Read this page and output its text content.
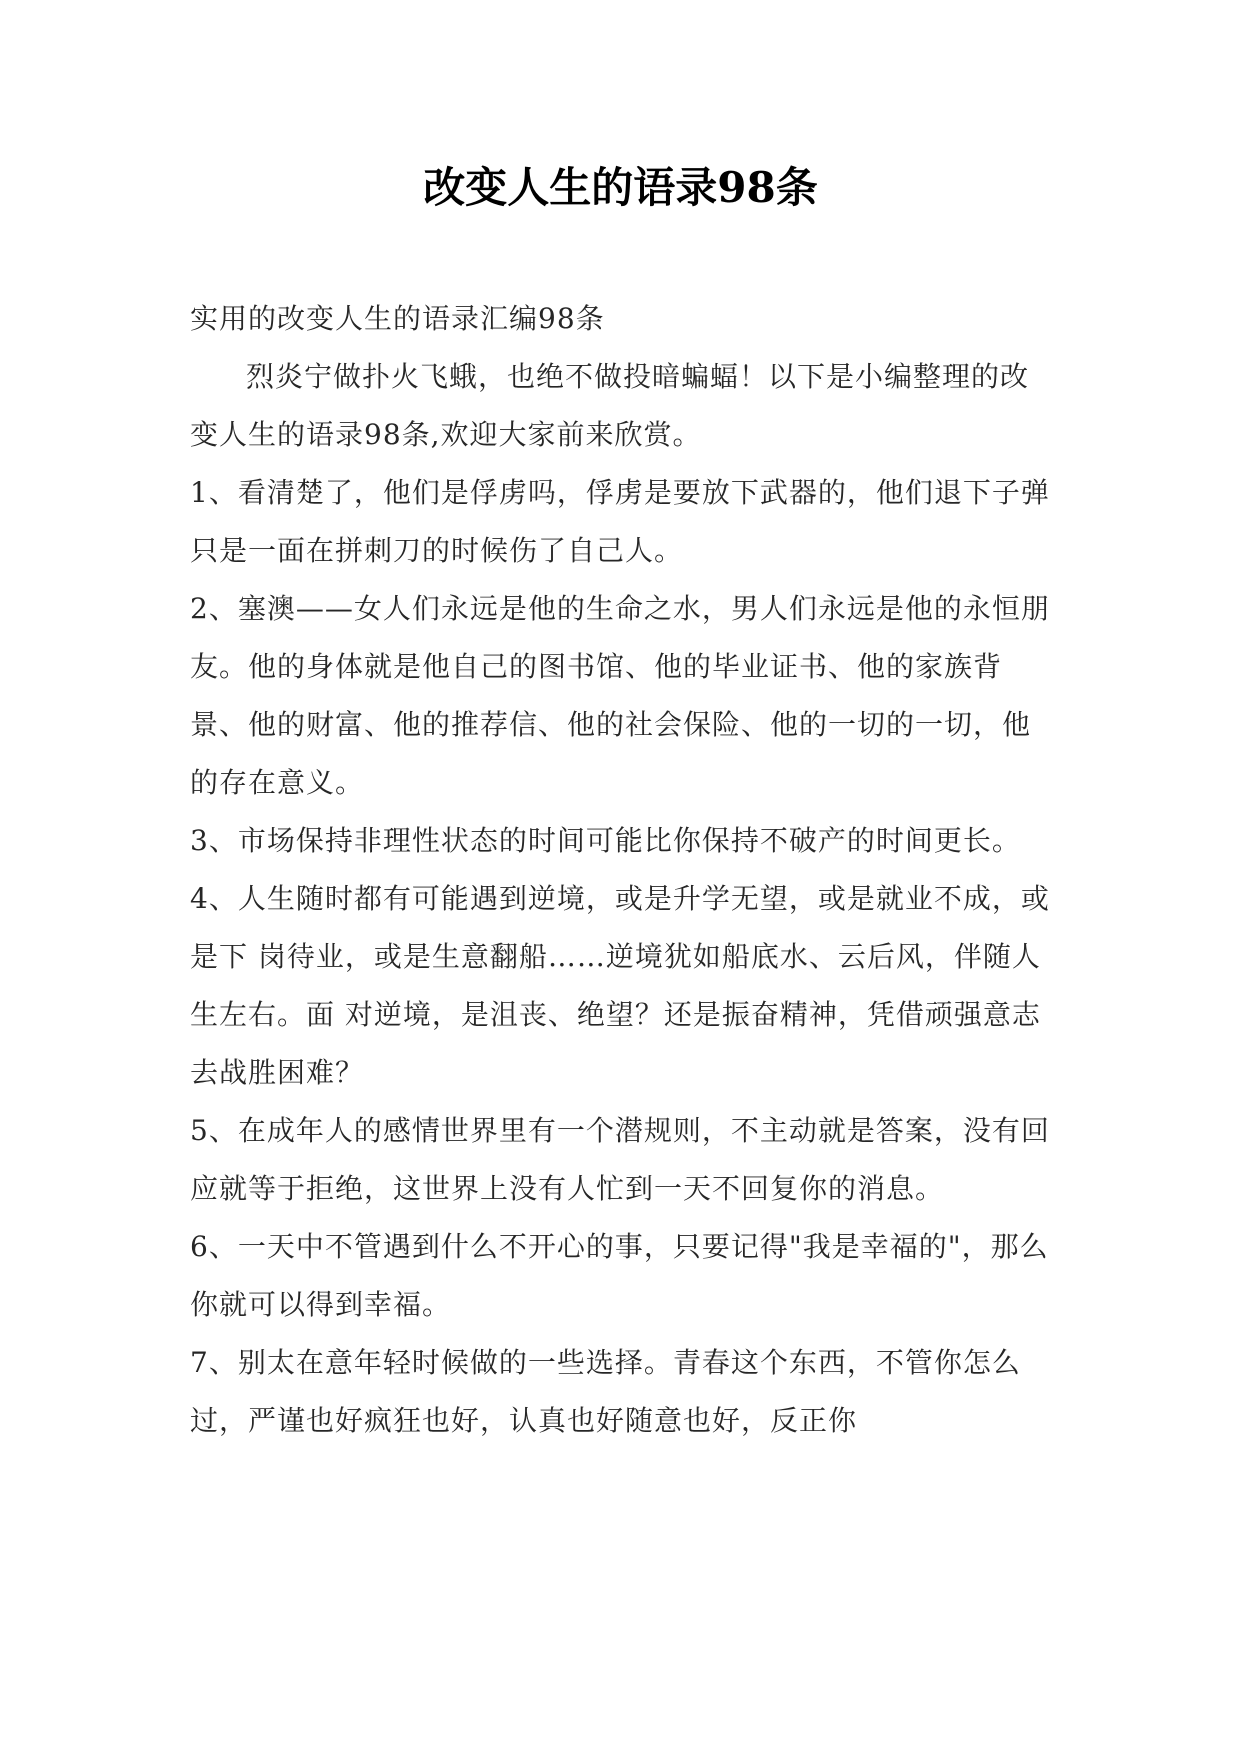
改变人生的语录98条

实用的改变人生的语录汇编98条

烈炎宁做扑火飞蛾，也绝不做投暗蝙蝠！以下是小编整理的改变人生的语录98条,欢迎大家前来欣赏。

1、看清楚了，他们是俘虏吗，俘虏是要放下武器的，他们退下子弹只是一面在拼刺刀的时候伤了自己人。

2、塞澳——女人们永远是他的生命之水，男人们永远是他的永恒朋友。他的身体就是他自己的图书馆、他的毕业证书、他的家族背景、他的财富、他的推荐信、他的社会保险、他的一切的一切，他的存在意义。

3、市场保持非理性状态的时间可能比你保持不破产的时间更长。

4、人生随时都有可能遇到逆境，或是升学无望，或是就业不成，或是下 岗待业，或是生意翻船……逆境犹如船底水、云后风，伴随人生左右。面 对逆境，是沮丧、绝望？还是振奋精神，凭借顽强意志去战胜困难？

5、在成年人的感情世界里有一个潜规则，不主动就是答案，没有回应就等于拒绝，这世界上没有人忙到一天不回复你的消息。

6、一天中不管遇到什么不开心的事，只要记得"我是幸福的"，那么你就可以得到幸福。

7、别太在意年轻时候做的一些选择。青春这个东西，不管你怎么过，严谨也好疯狂也好，认真也好随意也好，反正你
